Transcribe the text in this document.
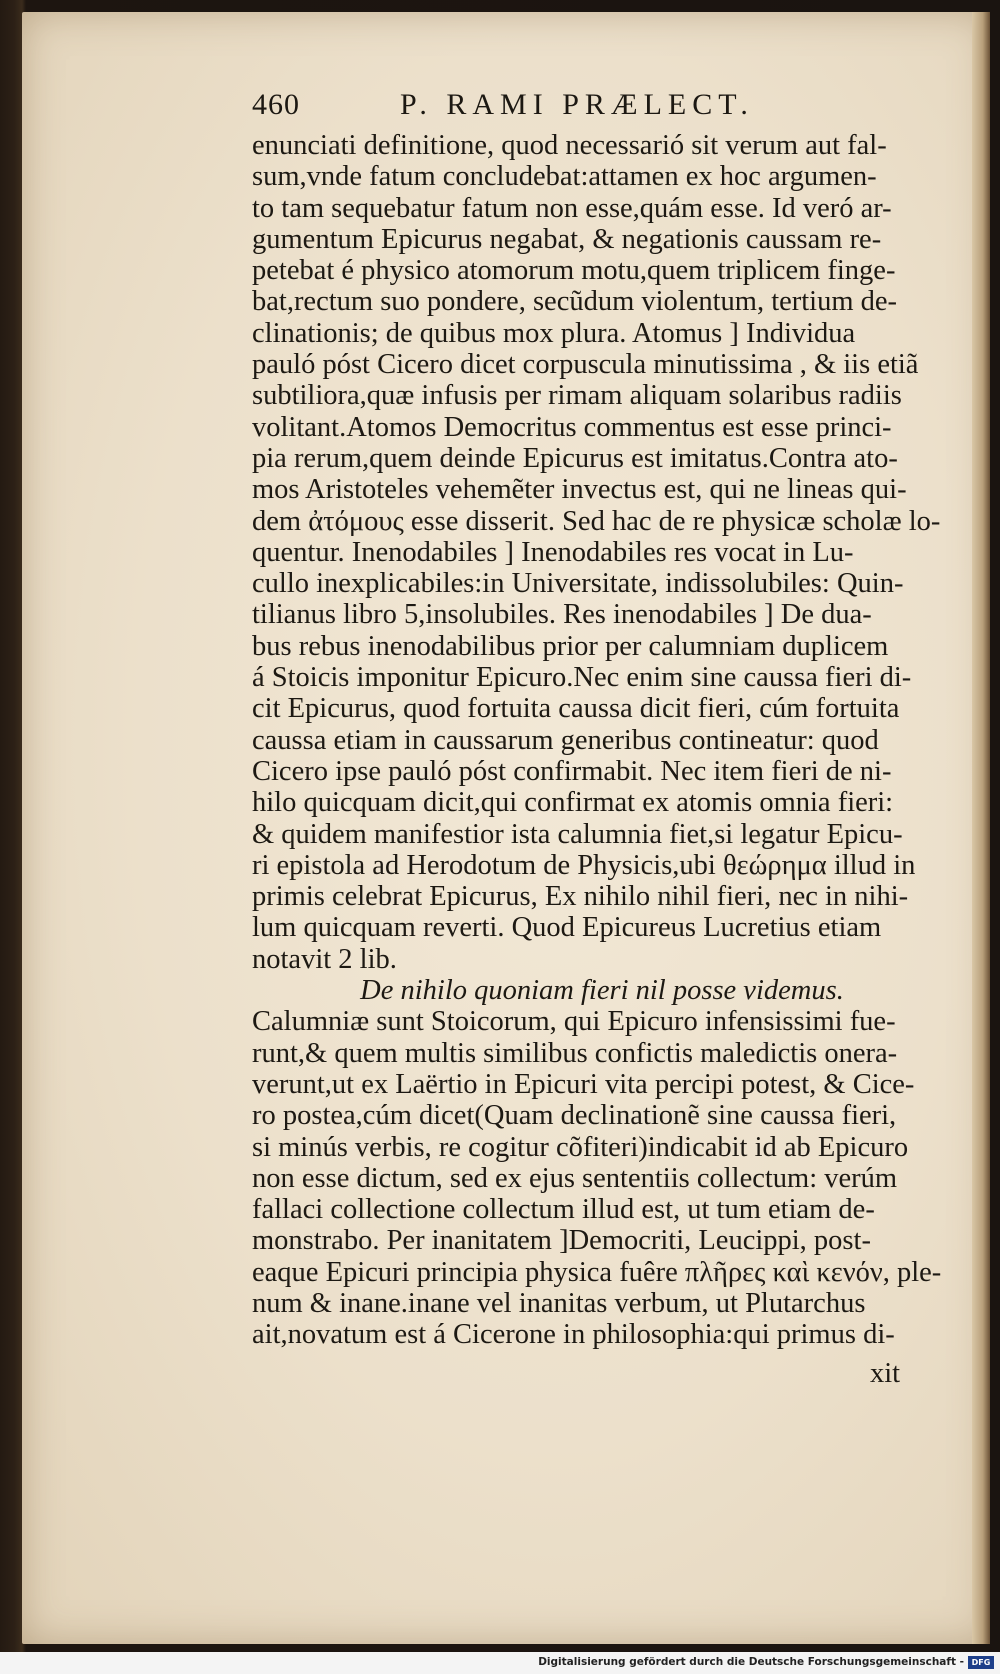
460	P. RAMI PRÆLECT.
enunciati definitione, quod necessarió sit verum aut fal-
sum,vnde fatum concludebat:attamen ex hoc argumen-
to tam sequebatur fatum non esse,quám esse. Id veró ar-
gumentum Epicurus negabat, & negationis caussam re-
petebat é physico atomorum motu,quem triplicem finge-
bat,rectum suo pondere, secũdum violentum, tertium de-
clinationis; de quibus mox plura. Atomus ] Individua
pauló póst Cicero dicet corpuscula minutissima , & iis etiã
subtiliora,quæ infusis per rimam aliquam solaribus radiis
volitant.Atomos Democritus commentus est esse princi-
pia rerum,quem deinde Epicurus est imitatus.Contra ato-
mos Aristoteles vehemẽter invectus est, qui ne lineas qui-
dem ἀτόμους esse disserit. Sed hac de re physicæ scholæ lo-
quentur. Inenodabiles ] Inenodabiles res vocat in Lu-
cullo inexplicabiles:in Universitate, indissolubiles: Quin-
tilianus libro 5,insolubiles. Res inenodabiles ] De dua-
bus rebus inenodabilibus prior per calumniam duplicem
á Stoicis imponitur Epicuro.Nec enim sine caussa fieri di-
cit Epicurus, quod fortuita caussa dicit fieri, cúm fortuita
caussa etiam in caussarum generibus contineatur: quod
Cicero ipse pauló póst confirmabit. Nec item fieri de ni-
hilo quicquam dicit,qui confirmat ex atomis omnia fieri:
& quidem manifestior ista calumnia fiet,si legatur Epicu-
ri epistola ad Herodotum de Physicis,ubi θεώρημα illud in
primis celebrat Epicurus, Ex nihilo nihil fieri, nec in nihi-
lum quicquam reverti. Quod Epicureus Lucretius etiam
notavit 2 lib.
De nihilo quoniam fieri nil posse videmus.
Calumniæ sunt Stoicorum, qui Epicuro infensissimi fue-
runt,& quem multis similibus confictis maledictis onera-
verunt,ut ex Laërtio in Epicuri vita percipi potest, & Cice-
ro postea,cúm dicet(Quam declinationẽ sine caussa fieri,
si minús verbis, re cogitur cõfiteri)indicabit id ab Epicuro
non esse dictum, sed ex ejus sententiis collectum: verúm
fallaci collectione collectum illud est, ut tum etiam de-
monstrabo. Per inanitatem ]Democriti, Leucippi, post-
eaque Epicuri principia physica fuêre πλῆρες καὶ κενόν, ple-
num & inane.inane vel inanitas verbum, ut Plutarchus
ait,novatum est á Cicerone in philosophia:qui primus di-
xit
Digitalisierung gefördert durch die Deutsche Forschungsgemeinschaft - DFG
